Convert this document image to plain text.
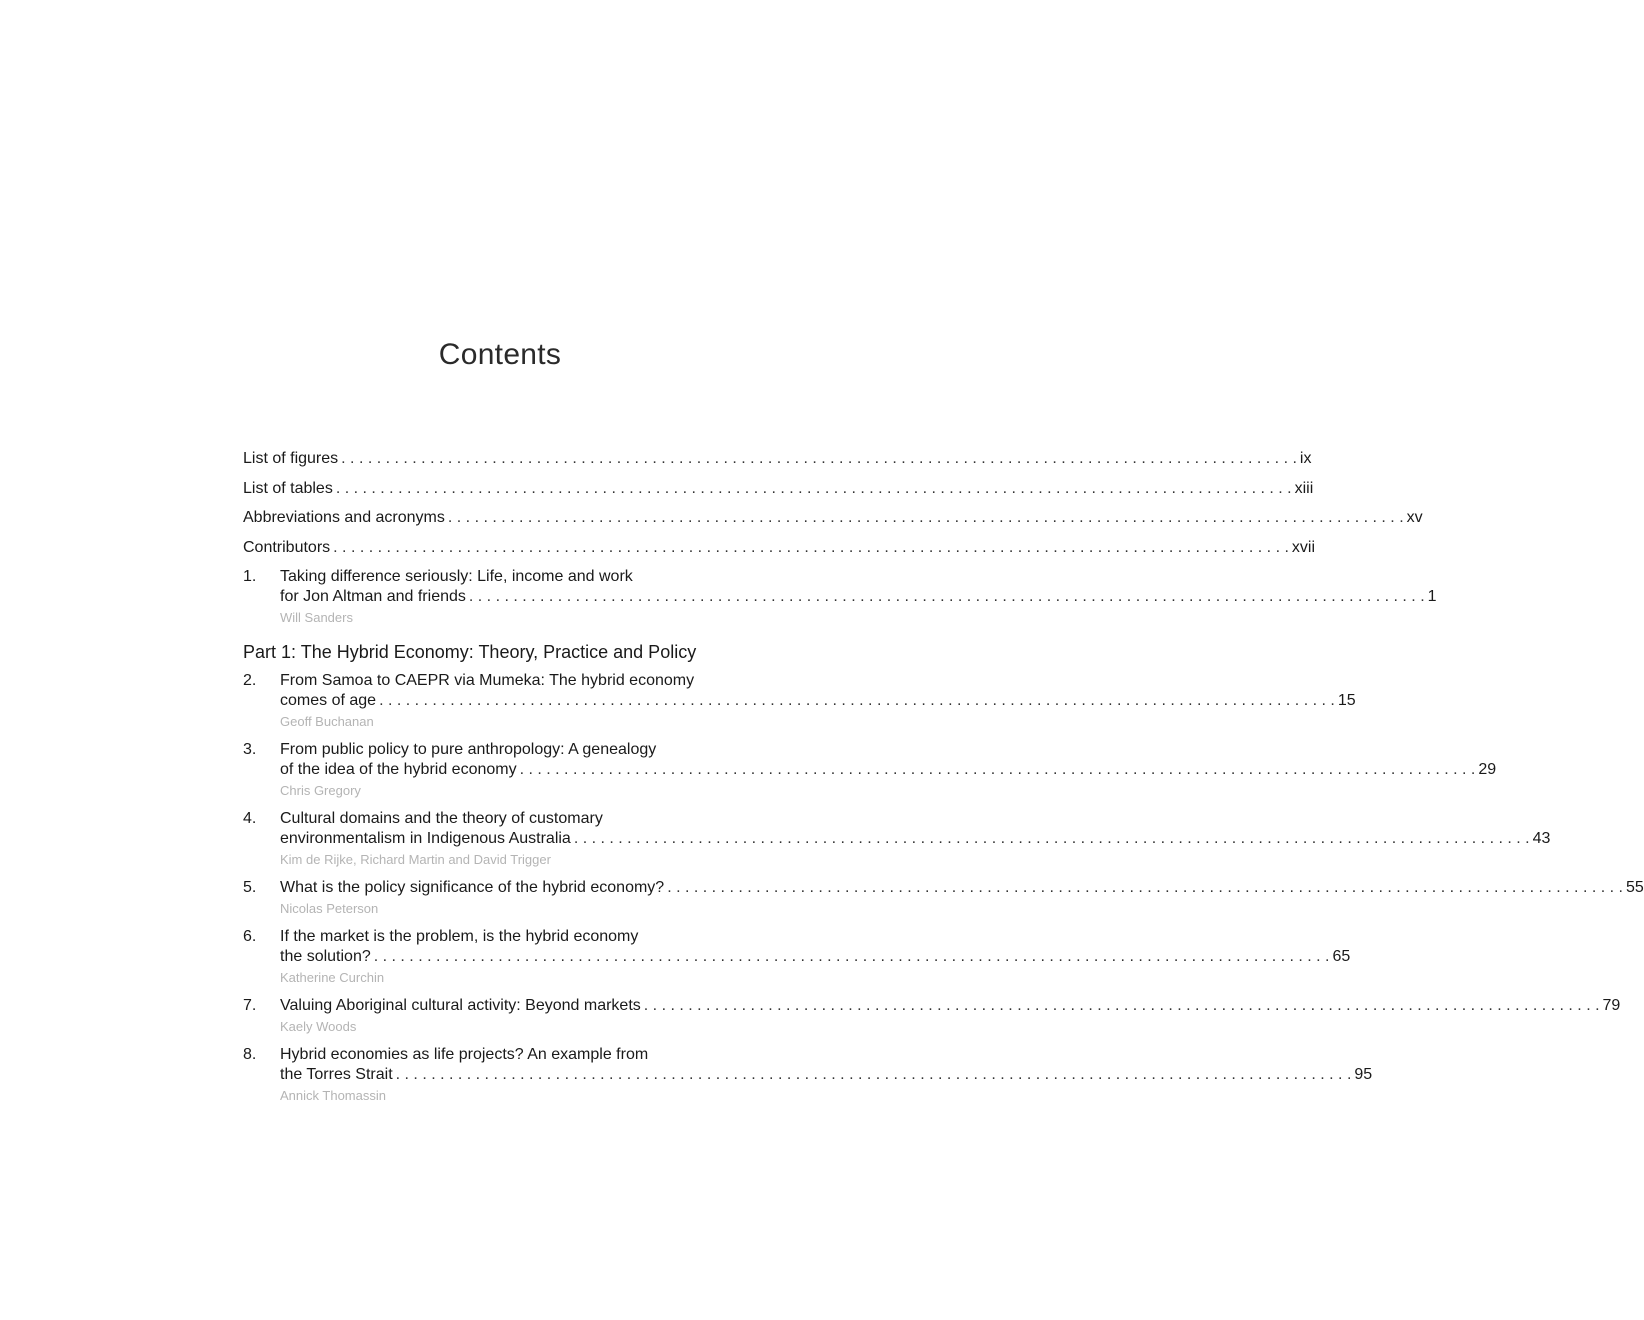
Contents
List of figures . . .	ix
List of tables . . .	xiii
Abbreviations and acronyms . . .	xv
Contributors . . .	xvii
1.	Taking difference seriously: Life, income and work
for Jon Altman and friends . . .	1
Will Sanders
Part 1: The Hybrid Economy: Theory, Practice and Policy
2.	From Samoa to CAEPR via Mumeka: The hybrid economy
comes of age . . .	15
Geoff Buchanan
3.	From public policy to pure anthropology: A genealogy
of the idea of the hybrid economy . . .	29
Chris Gregory
4.	Cultural domains and the theory of customary
environmentalism in Indigenous Australia . . .	43
Kim de Rijke, Richard Martin and David Trigger
5.	What is the policy significance of the hybrid economy? . . .	55
Nicolas Peterson
6.	If the market is the problem, is the hybrid economy
the solution? . . .	65
Katherine Curchin
7.	Valuing Aboriginal cultural activity: Beyond markets . . .	79
Kaely Woods
8.	Hybrid economies as life projects? An example from
the Torres Strait . . .	95
Annick Thomassin
